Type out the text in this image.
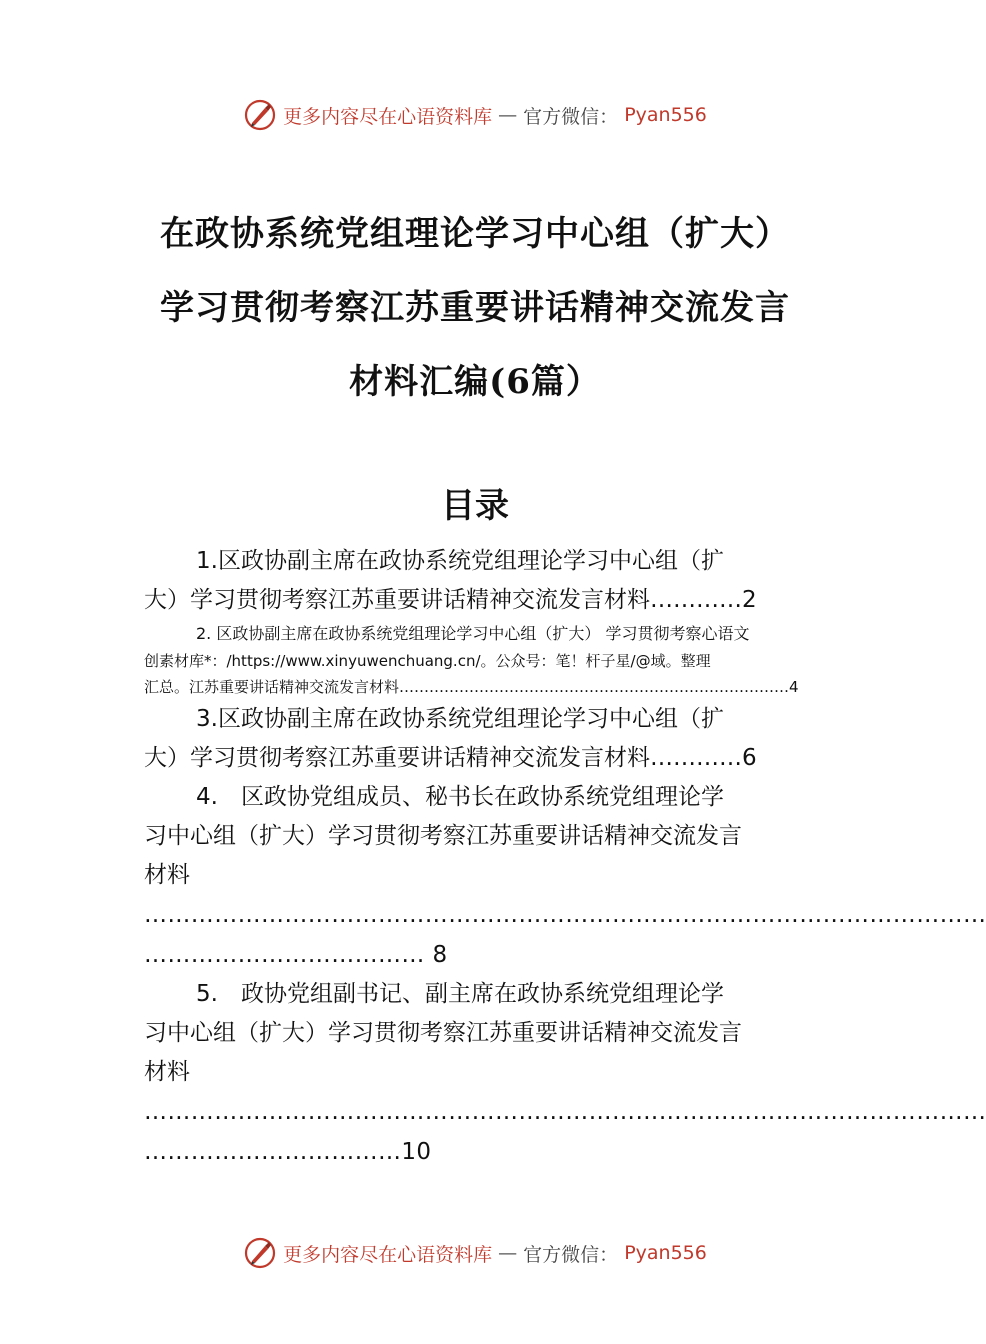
更多内容尽在心语资料库 — 官方微信： Pyan556
在政协系统党组理论学习中心组（扩大）
学习贯彻考察江苏重要讲话精神交流发言
材料汇编(6篇）
目录
1.区政协副主席在政协系统党组理论学习中心组（扩
大）学习贯彻考察江苏重要讲话精神交流发言材料…………2
2. 区政协副主席在政协系统党组理论学习中心组（扩大） 学习贯彻考察心语文
创素材库*：/https://www.xinyuwenchuang.cn/。公众号：笔！杆子星/@域。整理
汇总。江苏重要讲话精神交流发言材料……………………………………………………………………4
3.区政协副主席在政协系统党组理论学习中心组（扩
大）学习贯彻考察江苏重要讲话精神交流发言材料…………6
4.　区政协党组成员、秘书长在政协系统党组理论学
习中心组（扩大）学习贯彻考察江苏重要讲话精神交流发言
材料
………………………………………………………………………………………………
……………………………… 8
5.　政协党组副书记、副主席在政协系统党组理论学
习中心组（扩大）学习贯彻考察江苏重要讲话精神交流发言
材料
………………………………………………………………………………………………
……………………………10
更多内容尽在心语资料库 — 官方微信： Pyan556
